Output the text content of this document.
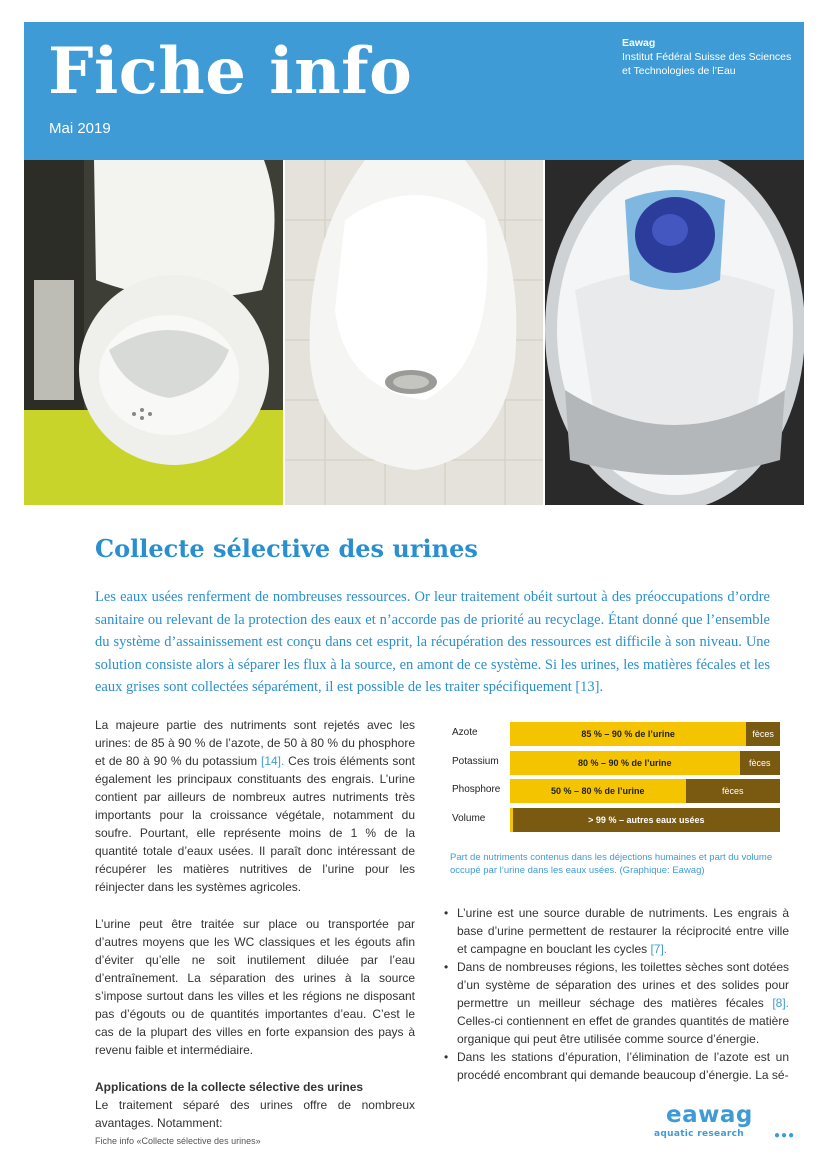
Fiche info
Mai 2019
Eawag
Institut Fédéral Suisse des Sciences
et Technologies de l’Eau
Collecte sélective des urines
Les eaux usées renferment de nombreuses ressources. Or leur traitement obéit surtout à des préoccupations d’ordre sanitaire ou relevant de la protection des eaux et n’accorde pas de priorité au recyclage. Étant donné que l’ensemble du système d’assainissement est conçu dans cet esprit, la récupération des ressources est difficile à son niveau. Une solution consiste alors à séparer les flux à la source, en amont de ce système. Si les urines, les matières fécales et les eaux grises sont collectées séparément, il est possible de les traiter spécifiquement [13].

La majeure partie des nutriments sont rejetés avec les urines: de 85 à 90 % de l’azote, de 50 à 80 % du phosphore et de 80 à 90 % du potassium [14]. Ces trois éléments sont également les principaux constituants des engrais. L’urine contient par ailleurs de nombreux autres nutriments très importants pour la croissance végétale, notamment du soufre. Pourtant, elle représente moins de 1 % de la quantité totale d’eaux usées. Il paraît donc intéressant de récupérer les matières nutritives de l’urine pour les réinjecter dans les systèmes agricoles.

L’urine peut être traitée sur place ou transportée par d’autres moyens que les WC classiques et les égouts afin d’éviter qu’elle ne soit inutilement diluée par l’eau d’entraînement. La séparation des urines à la source s’impose surtout dans les villes et les régions ne disposant pas d’égouts ou de quantités importantes d’eau. C’est le cas de la plupart des villes en forte expansion des pays à revenu faible et intermédiaire.

Applications de la collecte sélective des urines

Le traitement séparé des urines offre de nombreux avantages. Notamment:

Azote	85 % – 90 % de l’urine	fèces
Potassium	80 % – 90 % de l’urine	fèces
Phosphore	50 % – 80 % de l’urine	fèces
Volume	> 99 % – autres eaux usées
Part de nutriments contenus dans les déjections humaines et part du volume occupé par l’urine dans les eaux usées. (Graphique: Eawag)
• L’urine est une source durable de nutriments. Les engrais à base d’urine permettent de restaurer la réciprocité entre ville et campagne en bouclant les cycles [7].
• Dans de nombreuses régions, les toilettes sèches sont dotées d’un système de séparation des urines et des solides pour permettre un meilleur séchage des matières fécales [8]. Celles-ci contiennent en effet de grandes quantités de matière organique qui peut être utilisée comme source d’énergie.
• Dans les stations d’épuration, l’élimination de l’azote est un procédé encombrant qui demande beaucoup d’énergie. La sé-
Fiche info «Collecte sélective des urines»
eawag
aquatic research	●●●
